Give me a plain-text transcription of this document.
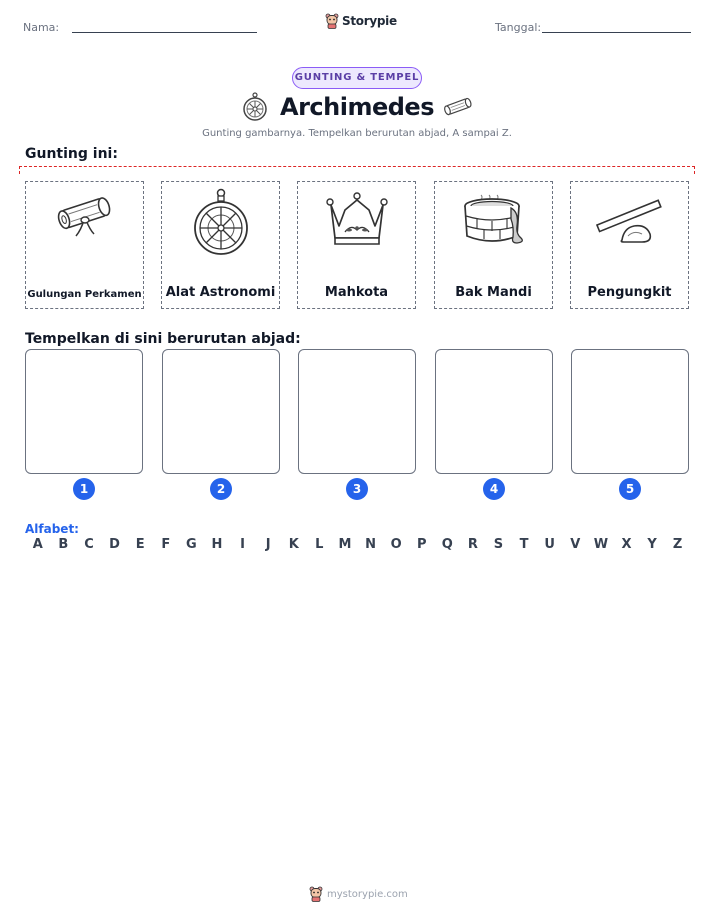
Nama:	Storypie	Tanggal:
GUNTING & TEMPEL
Archimedes
Gunting gambarnya. Tempelkan berurutan abjad, A sampai Z.
Gunting ini:
Gulungan Perkamen Alat Astronomi	Mahkota	Bak Mandi	Pengungkit
Tempelkan di sini berurutan abjad:
1	2	3	4	5
Alfabet:
A	B	C	D	E	F	G	H	I	J	K	L	M	N	O	P	Q	R	S	T	U	V	W	X	Y	Z
mystorypie.com
